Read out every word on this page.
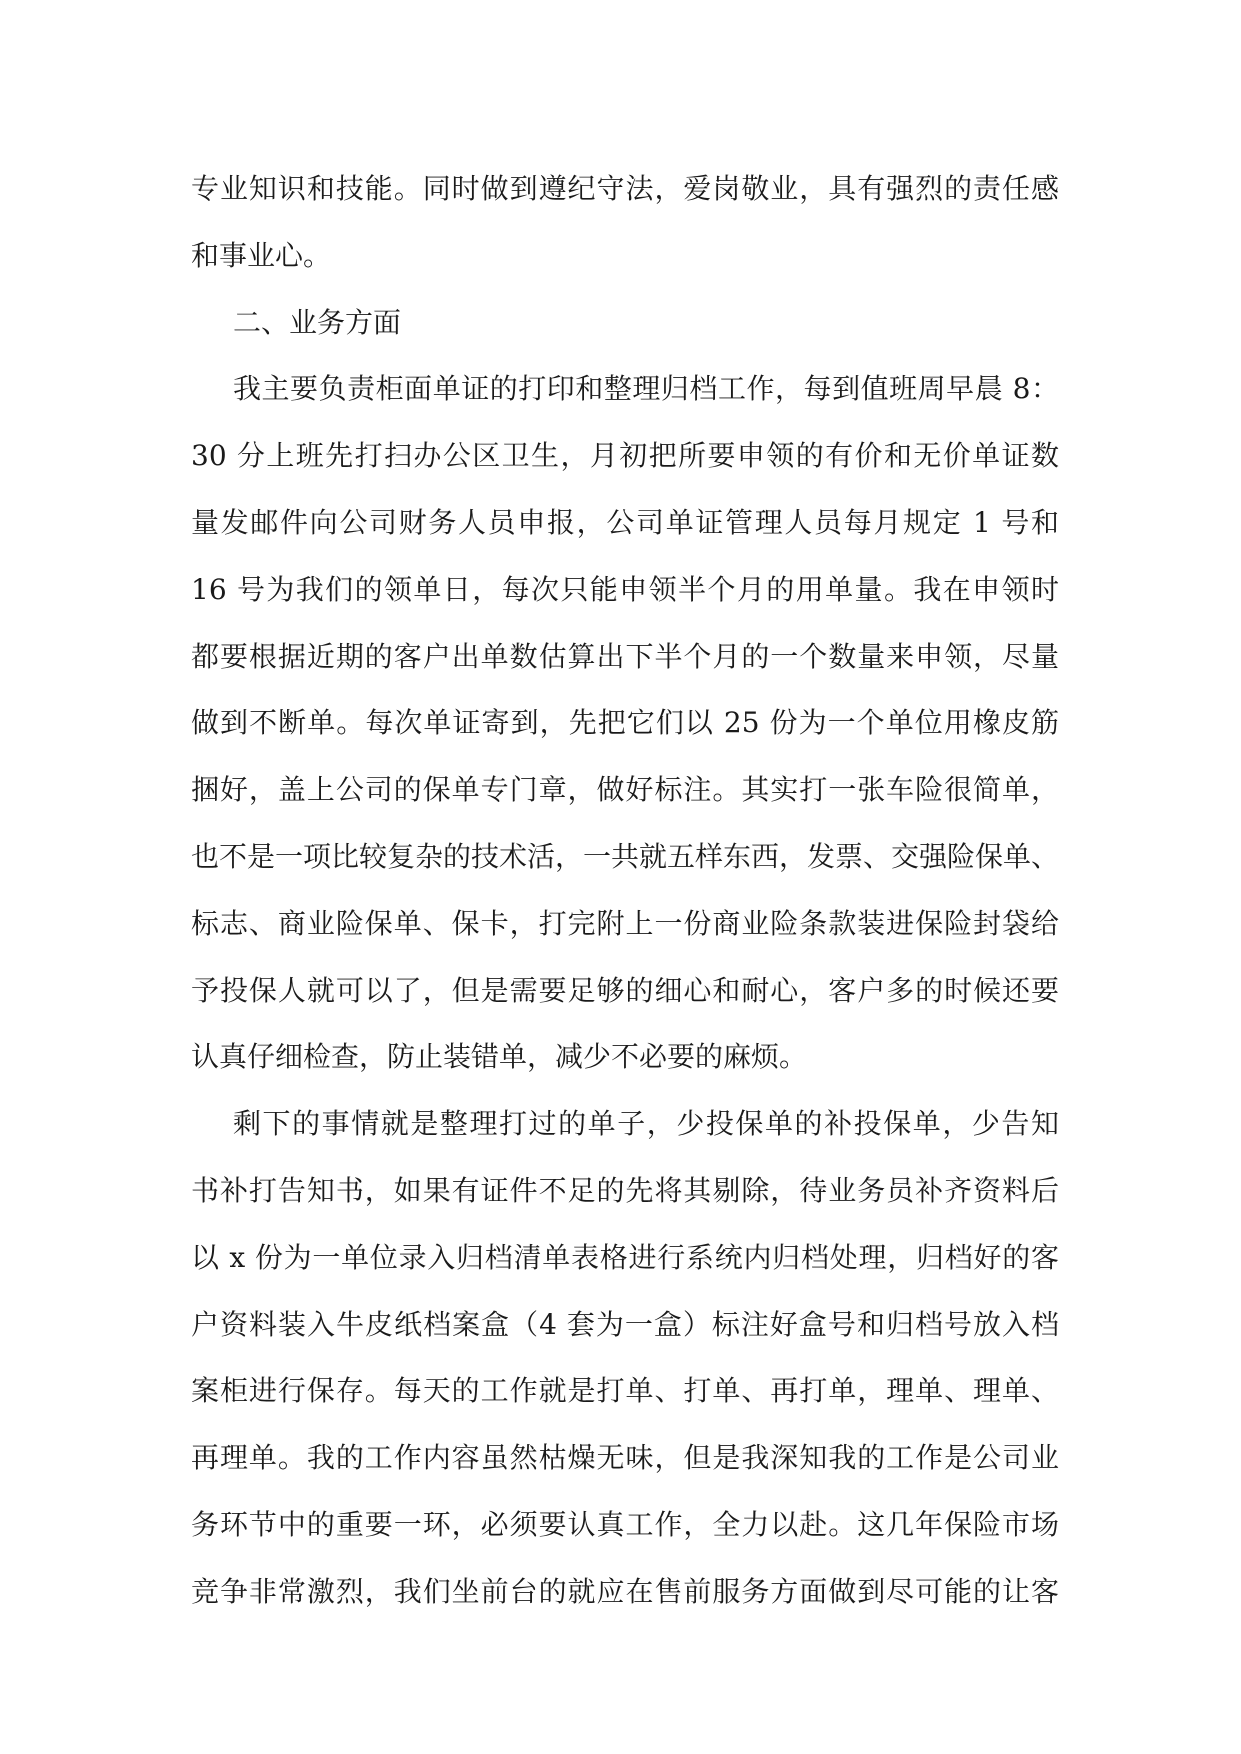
专业知识和技能。同时做到遵纪守法，爱岗敬业，具有强烈的责任感
和事业心。
二、业务方面
我主要负责柜面单证的打印和整理归档工作，每到值班周早晨 8：
30 分上班先打扫办公区卫生，月初把所要申领的有价和无价单证数
量发邮件向公司财务人员申报，公司单证管理人员每月规定 1 号和
16 号为我们的领单日，每次只能申领半个月的用单量。我在申领时
都要根据近期的客户出单数估算出下半个月的一个数量来申领，尽量
做到不断单。每次单证寄到，先把它们以 25 份为一个单位用橡皮筋
捆好，盖上公司的保单专门章，做好标注。其实打一张车险很简单，
也不是一项比较复杂的技术活，一共就五样东西，发票、交强险保单、
标志、商业险保单、保卡，打完附上一份商业险条款装进保险封袋给
予投保人就可以了，但是需要足够的细心和耐心，客户多的时候还要
认真仔细检查，防止装错单，减少不必要的麻烦。
剩下的事情就是整理打过的单子，少投保单的补投保单，少告知
书补打告知书，如果有证件不足的先将其剔除，待业务员补齐资料后
以 x 份为一单位录入归档清单表格进行系统内归档处理，归档好的客
户资料装入牛皮纸档案盒（4 套为一盒）标注好盒号和归档号放入档
案柜进行保存。每天的工作就是打单、打单、再打单，理单、理单、
再理单。我的工作内容虽然枯燥无味，但是我深知我的工作是公司业
务环节中的重要一环，必须要认真工作，全力以赴。这几年保险市场
竞争非常激烈，我们坐前台的就应在售前服务方面做到尽可能的让客
